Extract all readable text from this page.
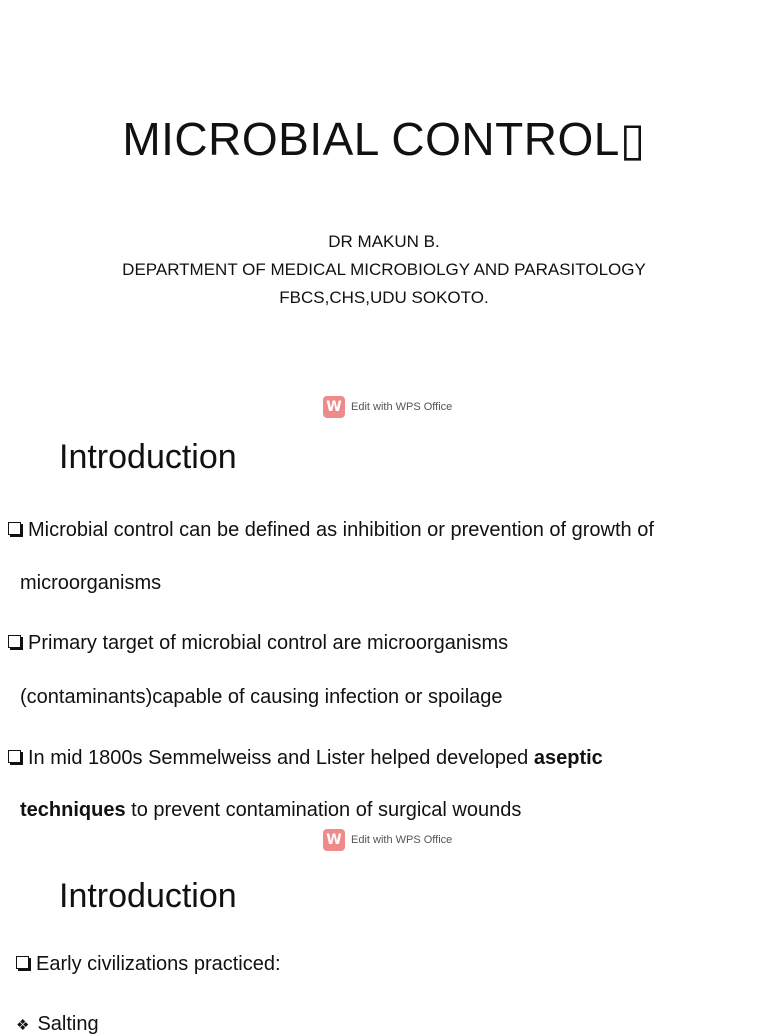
MICROBIAL CONTROL▯
DR MAKUN B.
DEPARTMENT OF MEDICAL MICROBIOLGY AND PARASITOLOGY
FBCS,CHS,UDU SOKOTO.
W Edit with WPS Office
Introduction
Microbial control can be defined as inhibition or prevention of growth of
microorganisms
Primary target of microbial control are microorganisms
(contaminants)capable of causing infection or spoilage
In mid 1800s Semmelweiss and Lister helped developed aseptic
techniques to prevent contamination of surgical wounds
W Edit with WPS Office
Introduction
Early civilizations practiced:
❖ Salting
